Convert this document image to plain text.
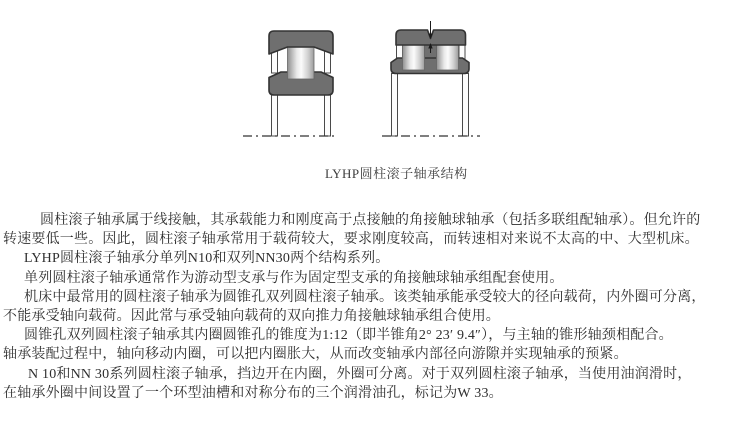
LYHP圆柱滚子轴承结构
圆柱滚子轴承属于线接触，其承载能力和刚度高于点接触的角接触球轴承（包括多联组配轴承）。但允许的
转速要低一些。因此，圆柱滚子轴承常用于载荷较大，要求刚度较高，而转速相对来说不太高的中、大型机床。
LYHP圆柱滚子轴承分单列N10和双列NN30两个结构系列。
单列圆柱滚子轴承通常作为游动型支承与作为固定型支承的角接触球轴承组配套使用。
机床中最常用的圆柱滚子轴承为圆锥孔双列圆柱滚子轴承。该类轴承能承受较大的径向载荷，内外圈可分离，
不能承受轴向载荷。因此常与承受轴向载荷的双向推力角接触球轴承组合使用。
圆锥孔双列圆柱滚子轴承其内圈圆锥孔的锥度为1:12（即半锥角2° 23′ 9.4″），与主轴的锥形轴颈相配合。
轴承装配过程中，轴向移动内圈，可以把内圈胀大，从而改变轴承内部径向游隙并实现轴承的预紧。
N 10和NN 30系列圆柱滚子轴承，挡边开在内圈，外圈可分离。对于双列圆柱滚子轴承，当使用油润滑时，
在轴承外圈中间设置了一个环型油槽和对称分布的三个润滑油孔，标记为W 33。
